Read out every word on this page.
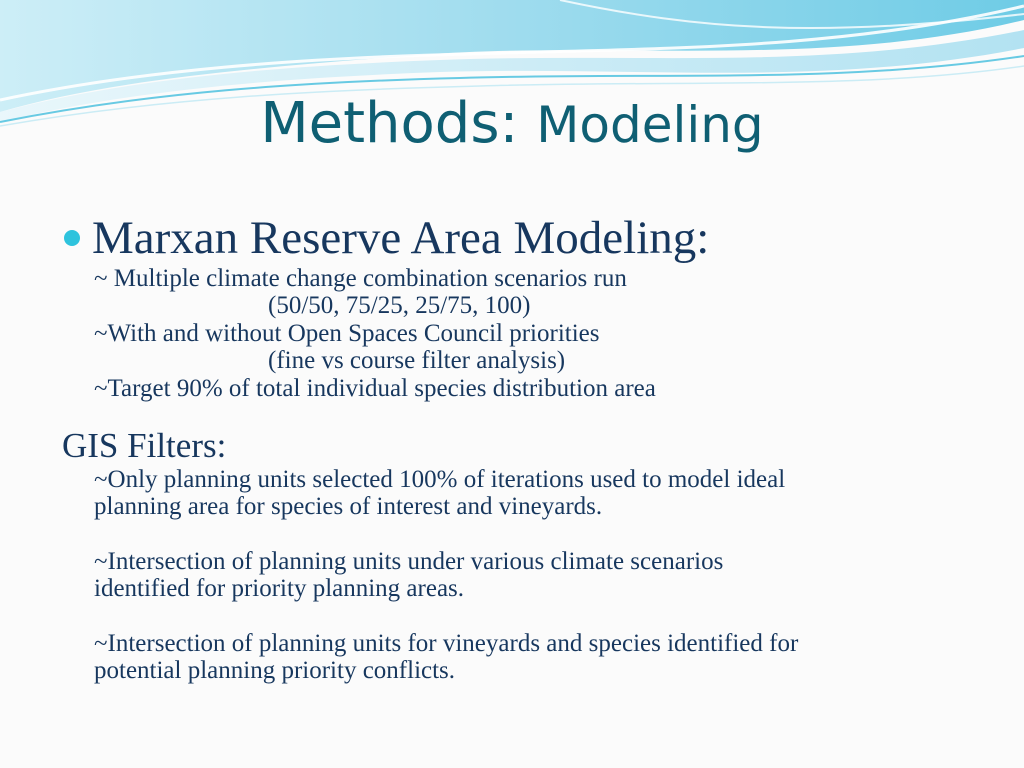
Methods: Modeling
Marxan Reserve Area Modeling:
~ Multiple climate change combination scenarios run
(50/50, 75/25, 25/75, 100)
~With and without Open Spaces Council priorities
(fine vs course filter analysis)
~Target 90% of total individual species distribution area
GIS Filters:
~Only planning units selected 100% of iterations used to model ideal
planning area for species of interest and vineyards.
~Intersection of planning units under various climate scenarios
identified for priority planning areas.
~Intersection of planning units for vineyards and species identified for
potential planning priority conflicts.
